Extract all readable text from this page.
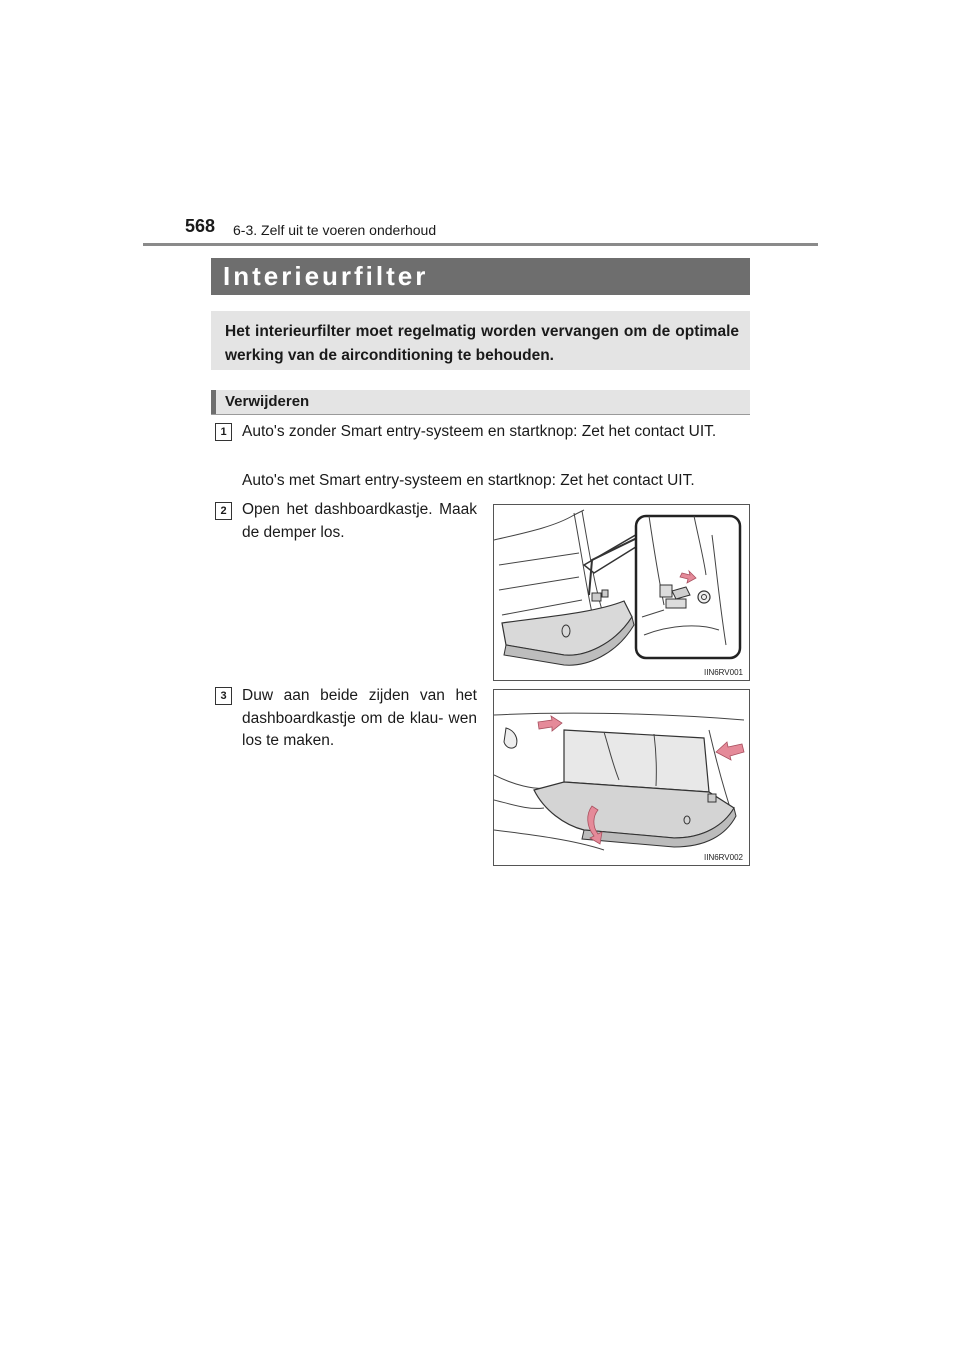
568 6-3. Zelf uit te voeren onderhoud
Interieurfilter
Het interieurfilter moet regelmatig worden vervangen om de optimale werking van de airconditioning te behouden.
Verwijderen
1 Auto's zonder Smart entry-systeem en startknop: Zet het contact UIT.
Auto's met Smart entry-systeem en startknop: Zet het contact UIT.
2 Open het dashboardkastje. Maak de demper los.
IIN6RV001
3 Duw aan beide zijden van het dashboardkastje om de klau- wen los te maken.
IIN6RV002
